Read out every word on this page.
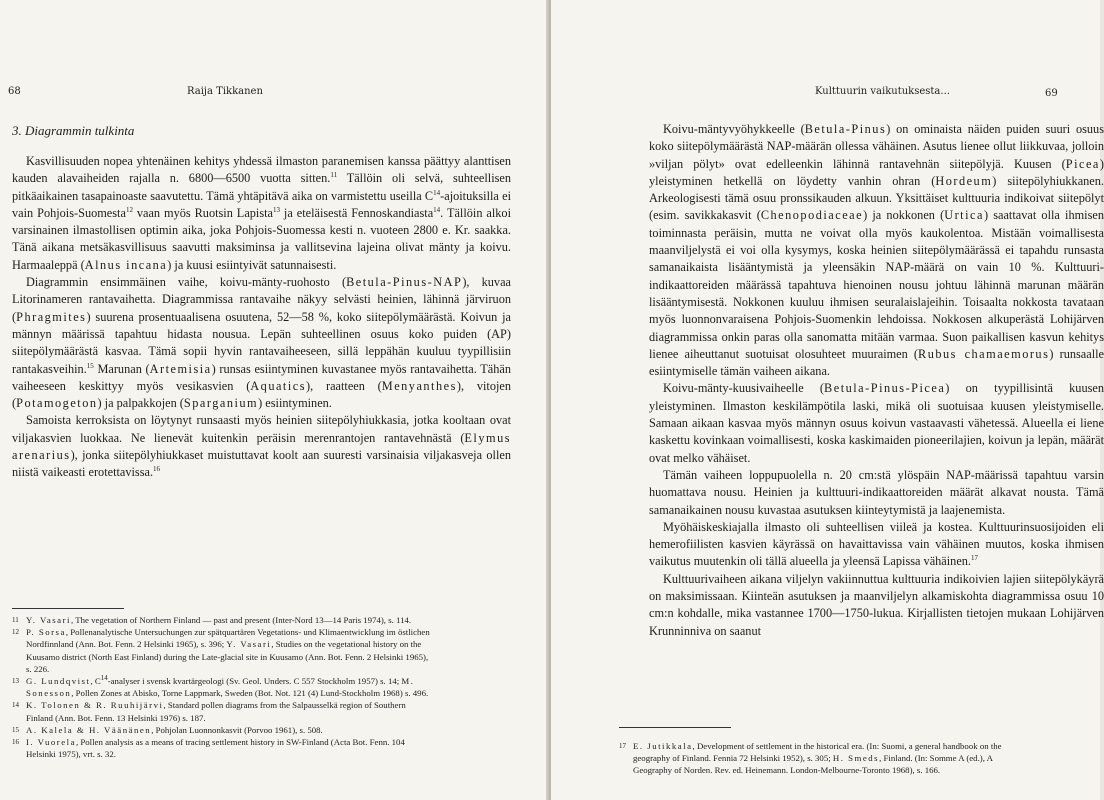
68	Raija Tikkanen
3. Diagrammin tulkinta

Kasvillisuuden nopea yhtenäinen kehitys yhdessä ilmaston paranemisen kanssa päättyy alanttisen kauden alavaiheiden rajalla n. 6800—6500 vuotta sitten.$^{11}$ Tällöin oli selvä, suhteellisen pitkäaikainen tasapainoaste saavutettu. Tämä yhtäpitävä aika on varmistettu useilla $C^{14}$-ajoituksilla ei vain Pohjois-Suomesta$^{12}$ vaan myös Ruotsin Lapista$^{13}$ ja eteläisestä Fennoskandiasta$^{14}$. Tällöin alkoi varsinainen ilmastollisen optimin aika, joka Pohjois-Suomessa kesti n. vuoteen 2800 e. Kr. saakka. Tänä aikana metsäkasvillisuus saavutti maksiminsa ja vallitsevina lajeina olivat mänty ja koivu. Harmaaleppä (Alnus incana) ja kuusi esiintyivät satunnaisesti.

Diagrammin ensimmäinen vaihe, koivu-mänty-ruohosto (Betula-Pinus-NAP), kuvaa Litorinameren rantavaihetta. Diagrammissa rantavaihe näkyy selvästi heinien, lähinnä järviruon (Phragmites) suurena prosentuaalisena osuutena, 52—58 %, koko siitepölymäärästä. Koivun ja männyn määrissä tapahtuu hidasta nousua. Lepän suhteellinen osuus koko puiden (AP) siitepölymäärästä kasvaa. Tämä sopii hyvin rantavaiheeseen, sillä leppähän kuuluu tyypillisiin rantakasveihin.$^{15}$ Marunan (Artemisia) runsas esiintyminen kuvastanee myös rantavaihetta. Tähän vaiheeseen keskittyy myös vesikasvien (Aquatics), raatteen (Menyanthes), vitojen (Potamogeton) ja palpakkojen (Sparganium) esiintyminen.

Samoista kerroksista on löytynyt runsaasti myös heinien siitepölyhiukkasia, jotka kooltaan ovat viljakasvien luokkaa. Ne lienevät kuitenkin peräisin merenrantojen rantavehnästä (Elymus arenarius), jonka siitepölyhiukkaset muistuttavat koolt aan suuresti varsinaisia viljakasveja ollen niistä vaikeasti erotettavissa.$^{16}$

11 Y. Vasari, The vegetation of Northern Finland — past and present (Inter-Nord 13—14 Paris 1974), s. 114.

12 P. Sorsa, Pollenanalytische Untersuchungen zur spätquartären Vegetations- und Klimaentwicklung im östlichen Nordfinnland (Ann. Bot. Fenn. 2 Helsinki 1965), s. 396; Y. Vasari, Studies on the vegetational history on the Kuusamo district (North East Finland) during the Late-glacial site in Kuusamo (Ann. Bot. Fenn. 2 Helsinki 1965), s. 226.

13 G. Lundqvist, $C^{14}$-analyser i svensk kvartärgeologi (Sv. Geol. Unders. C 557 Stockholm 1957) s. 14; M. Sonesson, Pollen Zones at Abisko, Torne Lappmark, Sweden (Bot. Not. 121 (4) Lund-Stockholm 1968) s. 496.

14 K. Tolonen & R. Ruuhijärvi, Standard pollen diagrams from the Salpausselkä region of Southern Finland (Ann. Bot. Fenn. 13 Helsinki 1976) s. 187.

15 A. Kalela & H. Väänänen, Pohjolan Luonnonkasvit (Porvoo 1961), s. 508.

16 I. Vuorela, Pollen analysis as a means of tracing settlement history in SW-Finland (Acta Bot. Fenn. 104 Helsinki 1975), vrt. s. 32.

Kulttuurin vaikutuksesta...	69

Koivu-mäntyvyöhykkeelle (Betula-Pinus) on ominaista näiden puiden suuri osuus koko siitepölymäärästä NAP-määrän ollessa vähäinen. Asutus lienee ollut liikkuvaa, jolloin »viljan pölyt» ovat edelleenkin lähinnä rantavehnän siitepölyjä. Kuusen (Picea) yleistyminen hetkellä on löydetty vanhin ohran (Hordeum) siitepölyhiukkanen. Arkeologisesti tämä osuu pronssikauden alkuun. Yksittäiset kulttuuria indikoivat siitepölyt (esim. savikkakasvit (Chenopodiaceae) ja nokkonen (Urtica) saattavat olla ihmisen toiminnasta peräisin, mutta ne voivat olla myös kaukolentoa. Mistään voimallisesta maanviljelystä ei voi olla kysymys, koska heinien siitepölymäärässä ei tapahdu runsasta samanaikaista lisääntymistä ja yleensäkin NAP-määrä on vain 10 %. Kulttuuri-indikaattoreiden määrässä tapahtuva hienoinen nousu johtuu lähinnä marunan määrän lisääntymisestä. Nokkonen kuuluu ihmisen seuralaislajeihin. Toisaalta nokkosta tavataan myös luonnonvaraisena Pohjois-Suomenkin lehdoissa. Nokkosen alkuperästä Lohijärven diagrammissa onkin paras olla sanomatta mitään varmaa. Suon paikallisen kasvun kehitys lienee aiheuttanut suotuisat olosuhteet muuraimen (Rubus chamaemorus) runsaalle esiintymiselle tämän vaiheen aikana.

Koivu-mänty-kuusivaiheelle (Betula-Pinus-Picea) on tyypillisintä kuusen yleistyminen. Ilmaston keskilämpötila laski, mikä oli suotuisaa kuusen yleistymiselle. Samaan aikaan kasvaa myös männyn osuus koivun vastaavasti vähetessä. Alueella ei liene kaskettu kovinkaan voimallisesti, koska kaskimaiden pioneerilajien, koivun ja lepän, määrät ovat melko vähäiset.

Tämän vaiheen loppupuolella n. 20 cm:stä ylöspäin NAP-määrissä tapahtuu varsin huomattava nousu. Heinien ja kulttuuri-indikaattoreiden määrät alkavat nousta. Tämä samanaikainen nousu kuvastaa asutuksen kiinteytymistä ja laajenemista.

Myöhäiskeskiajalla ilmasto oli suhteellisen viileä ja kostea. Kulttuurinsuosijoiden eli hemerofiilisten kasvien käyrässä on havaittavissa vain vähäinen muutos, koska ihmisen vaikutus muutenkin oli tällä alueella ja yleensä Lapissa vähäinen.$^{17}$

Kulttuurivaiheen aikana viljelyn vakiinnuttua kulttuuria indikoivien lajien siitepölykäyrä on maksimissaan. Kiinteän asutuksen ja maanviljelyn alkamiskohta diagrammissa osuu 10 cm:n kohdalle, mika vastannee 1700—1750-lukua. Kirjallisten tietojen mukaan Lohijärven Krunninniva on saanut

17 E. Jutikkala, Development of settlement in the historical era. (In: Suomi, a general handbook on the geography of Finland. Fennia 72 Helsinki 1952), s. 305; H. Smeds, Finland. (In: Somme A (ed.), A Geography of Norden. Rev. ed. Heinemann. London-Melbourne-Toronto 1968), s. 166.
